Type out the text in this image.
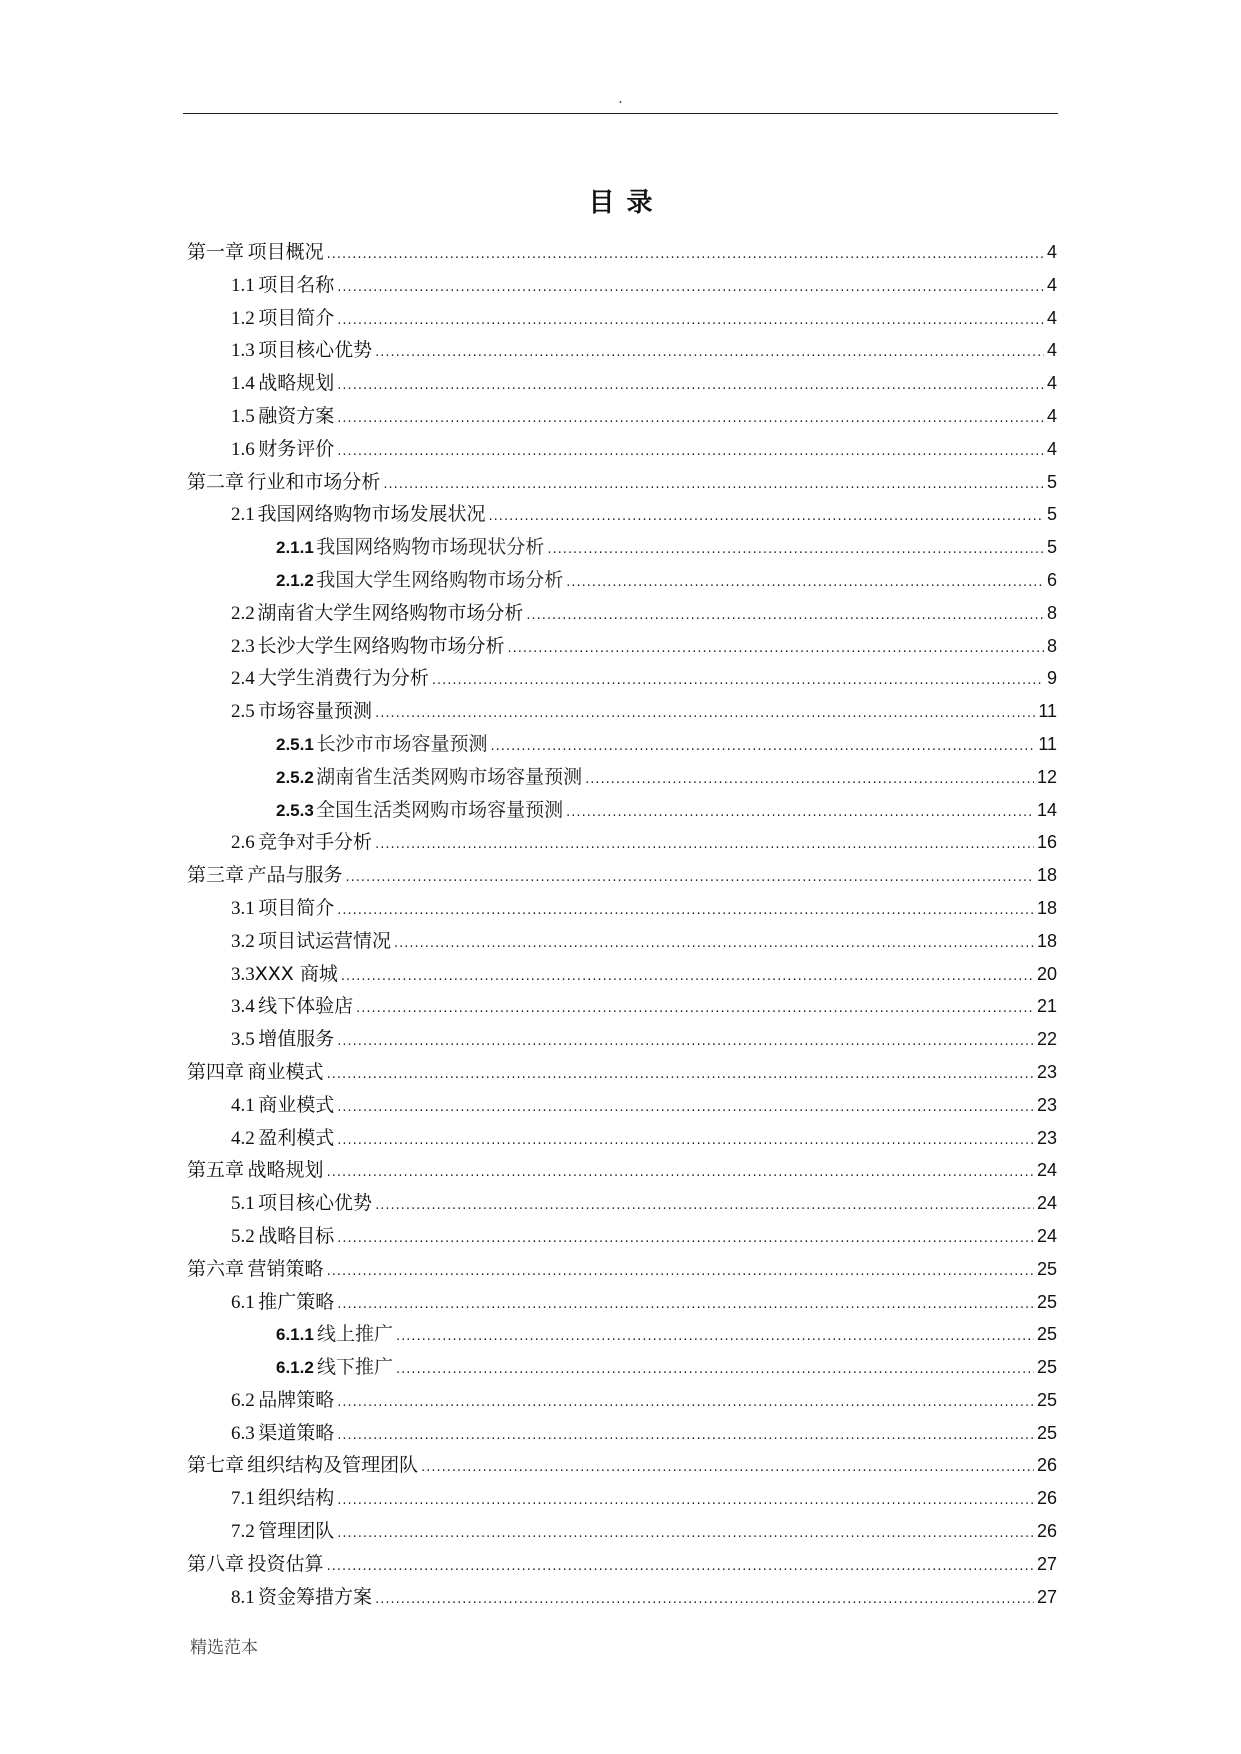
.
目录
第一章 项目概况 .....	4
1.1 项目名称 .....	4
1.2 项目简介 .....	4
1.3 项目核心优势 .....	4
1.4 战略规划 .....	4
1.5 融资方案 .....	4
1.6 财务评价 .....	4
第二章 行业和市场分析 .....	5
2.1 我国网络购物市场发展状况 .....	5
2.1.1 我国网络购物市场现状分析 .....	5
2.1.2 我国大学生网络购物市场分析 .....	6
2.2 湖南省大学生网络购物市场分析 .....	8
2.3 长沙大学生网络购物市场分析 .....	8
2.4 大学生消费行为分析 .....	9
2.5 市场容量预测 .....	11
2.5.1 长沙市市场容量预测 .....	11
2.5.2 湖南省生活类网购市场容量预测 .....	12
2.5.3 全国生活类网购市场容量预测 .....	14
2.6 竞争对手分析 .....	16
第三章 产品与服务 .....	18
3.1 项目简介 .....	18
3.2 项目试运营情况 .....	18
3.3 XXX 商城 .....	20
3.4 线下体验店 .....	21
3.5 增值服务 .....	22
第四章 商业模式 .....	23
4.1 商业模式 .....	23
4.2 盈利模式 .....	23
第五章 战略规划 .....	24
5.1 项目核心优势 .....	24
5.2 战略目标 .....	24
第六章 营销策略 .....	25
6.1 推广策略 .....	25
6.1.1 线上推广 .....	25
6.1.2 线下推广 .....	25
6.2 品牌策略 .....	25
6.3 渠道策略 .....	25
第七章 组织结构及管理团队 .....	26
7.1 组织结构 .....	26
7.2 管理团队 .....	26
第八章 投资估算 .....	27
8.1 资金筹措方案 .....	27
精选范本
